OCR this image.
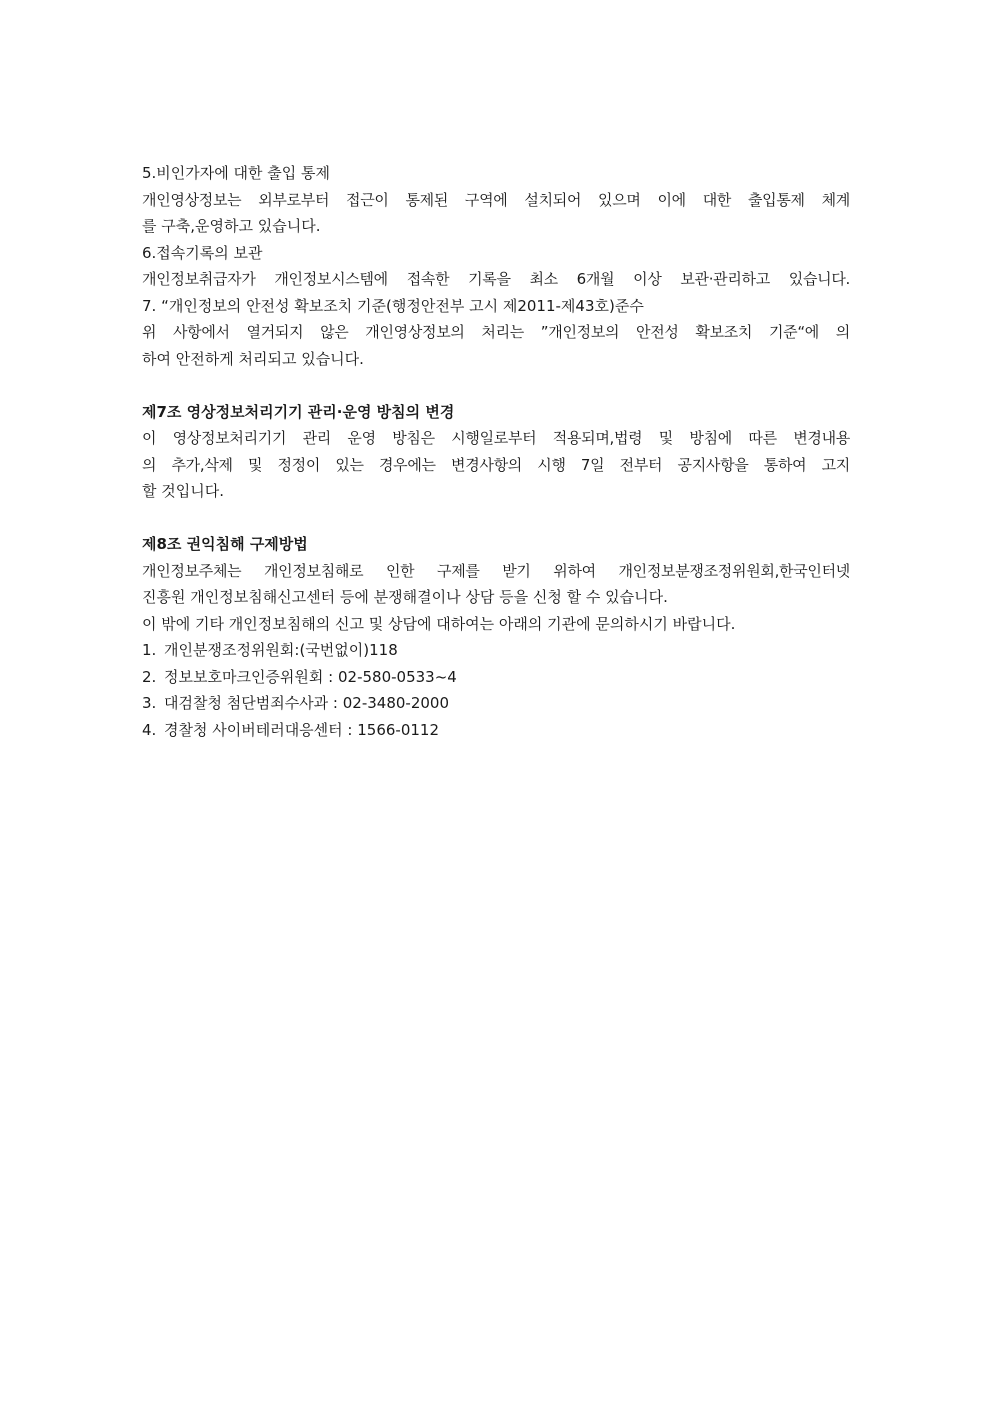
5.비인가자에 대한 출입 통제
개인영상정보는 외부로부터 접근이 통제된 구역에 설치되어 있으며 이에 대한 출입통제 체계
를 구축,운영하고 있습니다.
6.접속기록의 보관
개인정보취급자가 개인정보시스템에 접속한 기록을 최소 6개월 이상 보관·관리하고 있습니다.
7. “개인정보의 안전성 확보조치 기준(행정안전부 고시 제2011-제43호)준수
위 사항에서 열거되지 않은 개인영상정보의 처리는 ”개인정보의 안전성 확보조치 기준“에 의
하여 안전하게 처리되고 있습니다.
제7조 영상정보처리기기 관리·운영 방침의 변경
이 영상정보처리기기 관리 운영 방침은 시행일로부터 적용되며,법령 및 방침에 따른 변경내용
의 추가,삭제 및 정정이 있는 경우에는 변경사항의 시행 7일 전부터 공지사항을 통하여 고지
할 것입니다.
제8조 권익침해 구제방법
개인정보주체는 개인정보침해로 인한 구제를 받기 위하여 개인정보분쟁조정위원회,한국인터넷
진흥원 개인정보침해신고센터 등에 분쟁해결이나 상담 등을 신청 할 수 있습니다.
이 밖에 기타 개인정보침해의 신고 및 상담에 대하여는 아래의 기관에 문의하시기 바랍니다.
1. 개인분쟁조정위원회:(국번없이)118
2. 정보보호마크인증위원회 : 02-580-0533~4
3. 대검찰청 첨단범죄수사과 : 02-3480-2000
4. 경찰청 사이버테러대응센터 : 1566-0112
